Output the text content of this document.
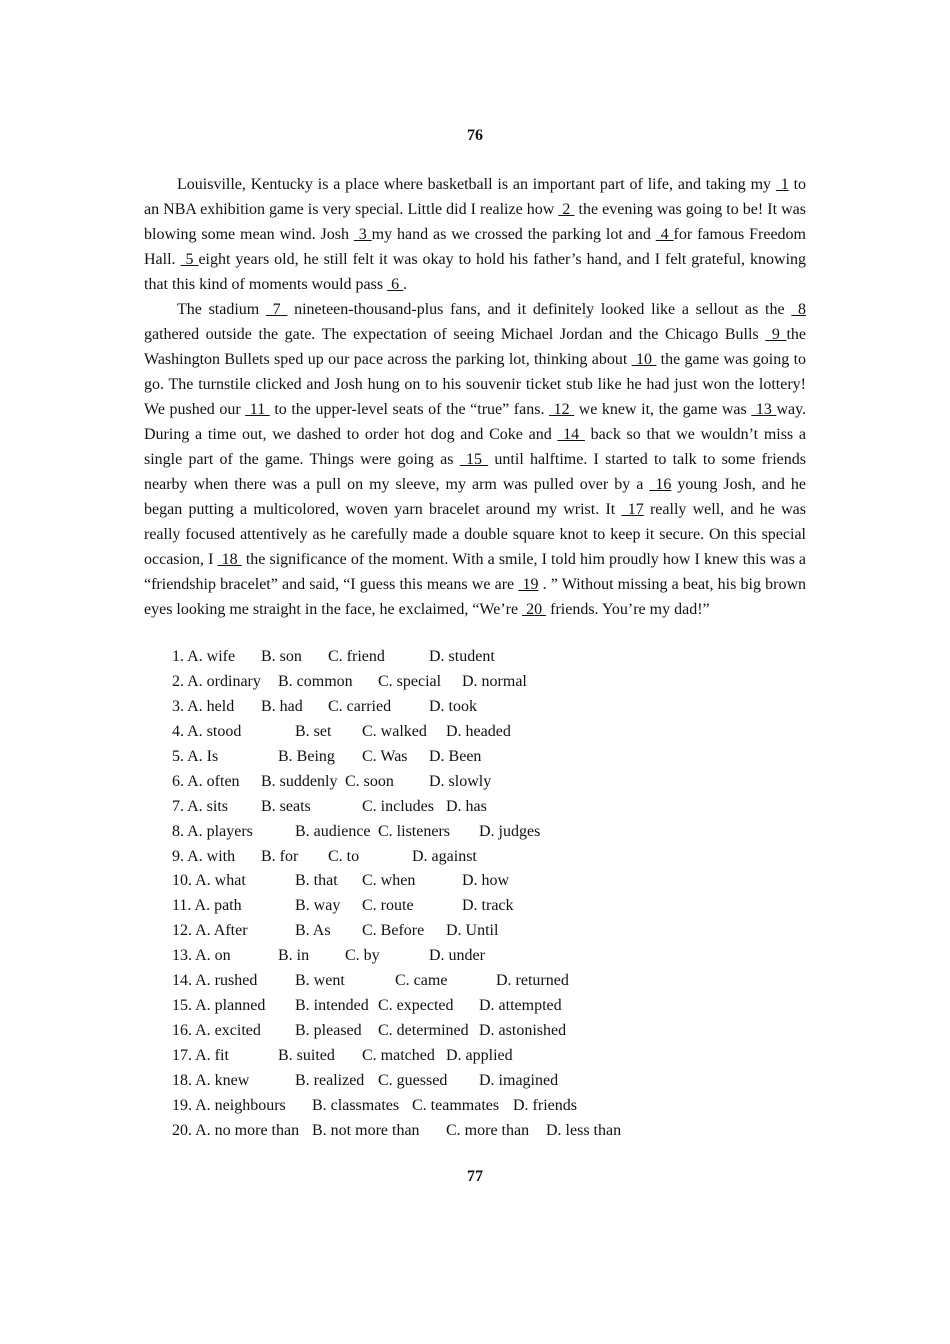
76

Louisville, Kentucky is a place where basketball is an important part of life, and taking my  1 to an NBA exhibition game is very special. Little did I realize how  2  the evening was going to be! It was blowing some mean wind. Josh  3 my hand as we crossed the parking lot and  4 for famous Freedom Hall.  5 eight years old, he still felt it was okay to hold his father’s hand, and I felt grateful, knowing that this kind of moments would pass  6 .

The stadium  7  nineteen-thousand-plus fans, and it definitely looked like a sellout as the  8 gathered outside the gate. The expectation of seeing Michael Jordan and the Chicago Bulls  9 the Washington Bullets sped up our pace across the parking lot, thinking about  10  the game was going to go. The turnstile clicked and Josh hung on to his souvenir ticket stub like he had just won the lottery! We pushed our  11  to the upper-level seats of the “true” fans.  12  we knew it, the game was  13 way. During a time out, we dashed to order hot dog and Coke and  14  back so that we wouldn’t miss a single part of the game. Things were going as  15  until halftime. I started to talk to some friends nearby when there was a pull on my sleeve, my arm was pulled over by a  16 young Josh, and he began putting a multicolored, woven yarn bracelet around my wrist. It  17 really well, and he was really focused attentively as he carefully made a double square knot to keep it secure. On this special occasion, I  18  the significance of the moment. With a smile, I told him proudly how I knew this was a “friendship bracelet” and said, “I guess this means we are  19 . ” Without missing a beat, his big brown eyes looking me straight in the face, he exclaimed, “We’re  20  friends. You’re my dad!”

1. A. wife B. son C. friend	D. student
2. A. ordinary B. common C. special D. normal
3. A. held B. had C. carried D. took
4. A. stood	B. set C. walked D. headed
5. A. Is	B. Being C. Was D. Been
6. A. often B. suddenly C. soon D. slowly
7. A. sits B. seats	C. includes D. has
8. A. players	B. audience C. listeners D. judges
9. A. with B. for C. to	D. against
10. A. what	B. that C. when	D. how
11. A. path	B. way C. route	D. track
12. A. After	B. As C. Before D. Until
13. A. on	B. in C. by	D. under
14. A. rushed B. went	C. came	D. returned
15. A. planned B. intended C. expected D. attempted
16. A. excited B. pleased C. determined D. astonished
17. A. fit	B. suited C. matched D. applied
18. A. knew	B. realized C. guessed D. imagined
19. A. neighbours B. classmates C. teammates D. friends
20. A. no more than B. not more than C. more than D. less than
77
